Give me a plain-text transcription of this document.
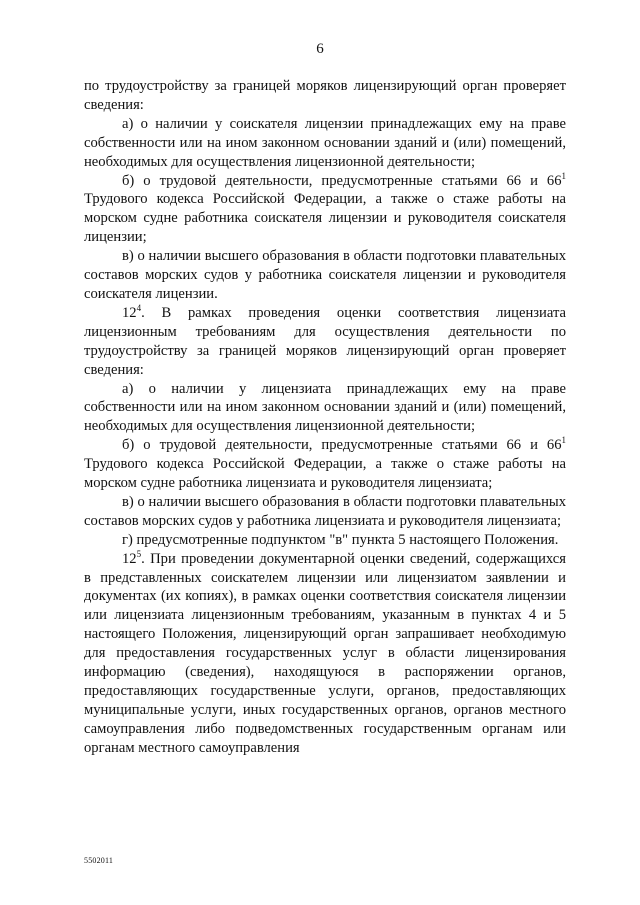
6

по трудоустройству за границей моряков лицензирующий орган проверяет сведения:

а) о наличии у соискателя лицензии принадлежащих ему на праве собственности или на ином законном основании зданий и (или) помещений, необходимых для осуществления лицензионной деятельности;

б) о трудовой деятельности, предусмотренные статьями 66 и $66^1$ Трудового кодекса Российской Федерации, а также о стаже работы на морском судне работника соискателя лицензии и руководителя соискателя лицензии;

в) о наличии высшего образования в области подготовки плавательных составов морских судов у работника соискателя лицензии и руководителя соискателя лицензии.

$12^4$. В рамках проведения оценки соответствия лицензиата лицензионным требованиям для осуществления деятельности по трудоустройству за границей моряков лицензирующий орган проверяет сведения:

а) о наличии у лицензиата принадлежащих ему на праве собственности или на ином законном основании зданий и (или) помещений, необходимых для осуществления лицензионной деятельности;

б) о трудовой деятельности, предусмотренные статьями 66 и $66^1$ Трудового кодекса Российской Федерации, а также о стаже работы на морском судне работника лицензиата и руководителя лицензиата;

в) о наличии высшего образования в области подготовки плавательных составов морских судов у работника лицензиата и руководителя лицензиата;

г) предусмотренные подпунктом "в" пункта 5 настоящего Положения.

$12^5$. При проведении документарной оценки сведений, содержащихся в представленных соискателем лицензии или лицензиатом заявлении и документах (их копиях), в рамках оценки соответствия соискателя лицензии или лицензиата лицензионным требованиям, указанным в пунктах 4 и 5 настоящего Положения, лицензирующий орган запрашивает необходимую для предоставления государственных услуг в области лицензирования информацию (сведения), находящуюся в распоряжении органов, предоставляющих государственные услуги, органов, предоставляющих муниципальные услуги, иных государственных органов, органов местного самоуправления либо подведомственных государственным органам или органам местного самоуправления

5502011
